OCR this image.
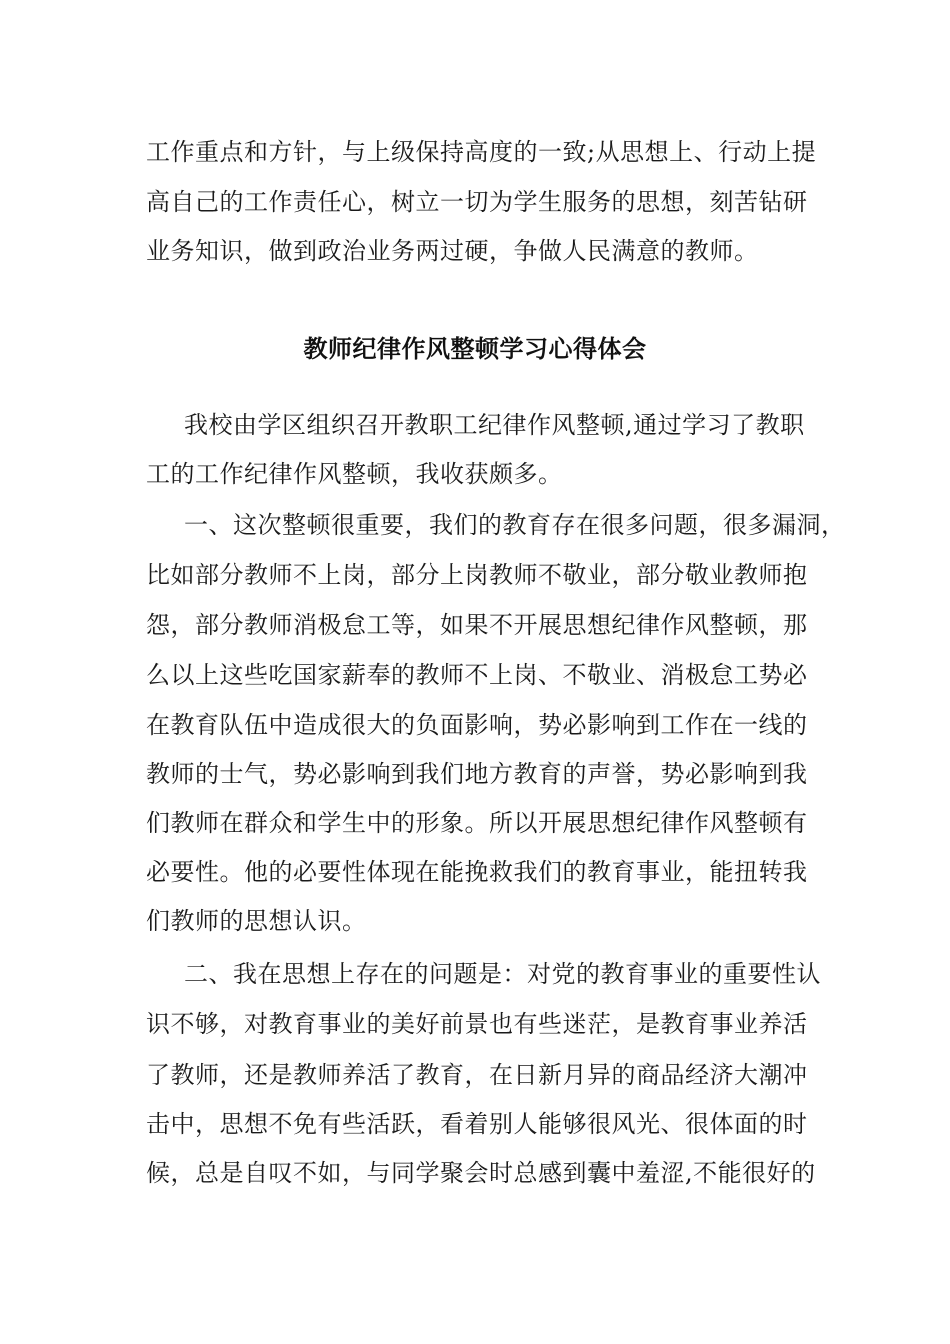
工作重点和方针，与上级保持高度的一致;从思想上、行动上提
高自己的工作责任心，树立一切为学生服务的思想，刻苦钻研
业务知识，做到政治业务两过硬，争做人民满意的教师。
教师纪律作风整顿学习心得体会
我校由学区组织召开教职工纪律作风整顿,通过学习了教职
工的工作纪律作风整顿，我收获颇多。
一、这次整顿很重要，我们的教育存在很多问题，很多漏洞，
比如部分教师不上岗，部分上岗教师不敬业，部分敬业教师抱
怨，部分教师消极怠工等，如果不开展思想纪律作风整顿，那
么以上这些吃国家薪奉的教师不上岗、不敬业、消极怠工势必
在教育队伍中造成很大的负面影响，势必影响到工作在一线的
教师的士气，势必影响到我们地方教育的声誉，势必影响到我
们教师在群众和学生中的形象。所以开展思想纪律作风整顿有
必要性。他的必要性体现在能挽救我们的教育事业，能扭转我
们教师的思想认识。
二、我在思想上存在的问题是：对党的教育事业的重要性认
识不够，对教育事业的美好前景也有些迷茫，是教育事业养活
了教师，还是教师养活了教育，在日新月异的商品经济大潮冲
击中，思想不免有些活跃，看着别人能够很风光、很体面的时
候，总是自叹不如，与同学聚会时总感到囊中羞涩,不能很好的
